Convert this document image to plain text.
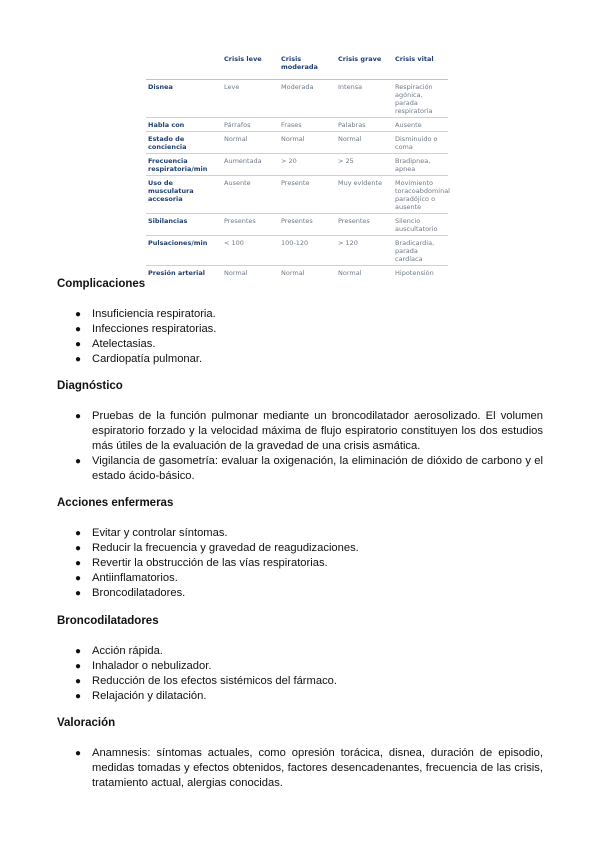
	Crisis leve	Crisis moderada	Crisis grave	Crisis vital
Disnea	Leve	Moderada	Intensa	Respiración agónica, parada respiratoria
Habla con	Párrafos	Frases	Palabras	Ausente
Estado de conciencia	Normal	Normal	Normal	Disminuido o coma
Frecuencia respiratoria/min	Aumentada	> 20	> 25	Bradipnea, apnea
Uso de musculatura accesoria	Ausente	Presente	Muy evidente	Movimiento toracoabdominal paradójico o ausente
Sibilancias	Presentes	Presentes	Presentes	Silencio auscultatorio
Pulsaciones/min	< 100	100-120	> 120	Bradicardia, parada cardíaca
Presión arterial	Normal	Normal	Normal	Hipotensión
Complicaciones
● Insuficiencia respiratoria.
● Infecciones respiratorias.
● Atelectasias.
● Cardiopatía pulmonar.
Diagnóstico
● Pruebas de la función pulmonar mediante un broncodilatador aerosolizado. El volumen espiratorio forzado y la velocidad máxima de flujo espiratorio constituyen los dos estudios más útiles de la evaluación de la gravedad de una crisis asmática.
● Vigilancia de gasometría: evaluar la oxigenación, la eliminación de dióxido de carbono y el estado ácido-básico.
Acciones enfermeras
● Evitar y controlar síntomas.
● Reducir la frecuencia y gravedad de reagudizaciones.
● Revertir la obstrucción de las vías respiratorias.
● Antiinflamatorios.
● Broncodilatadores.
Broncodilatadores
● Acción rápida.
● Inhalador o nebulizador.
● Reducción de los efectos sistémicos del fármaco.
● Relajación y dilatación.
Valoración
● Anamnesis: síntomas actuales, como opresión torácica, disnea, duración de episodio, medidas tomadas y efectos obtenidos, factores desencadenantes, frecuencia de las crisis, tratamiento actual, alergias conocidas.
